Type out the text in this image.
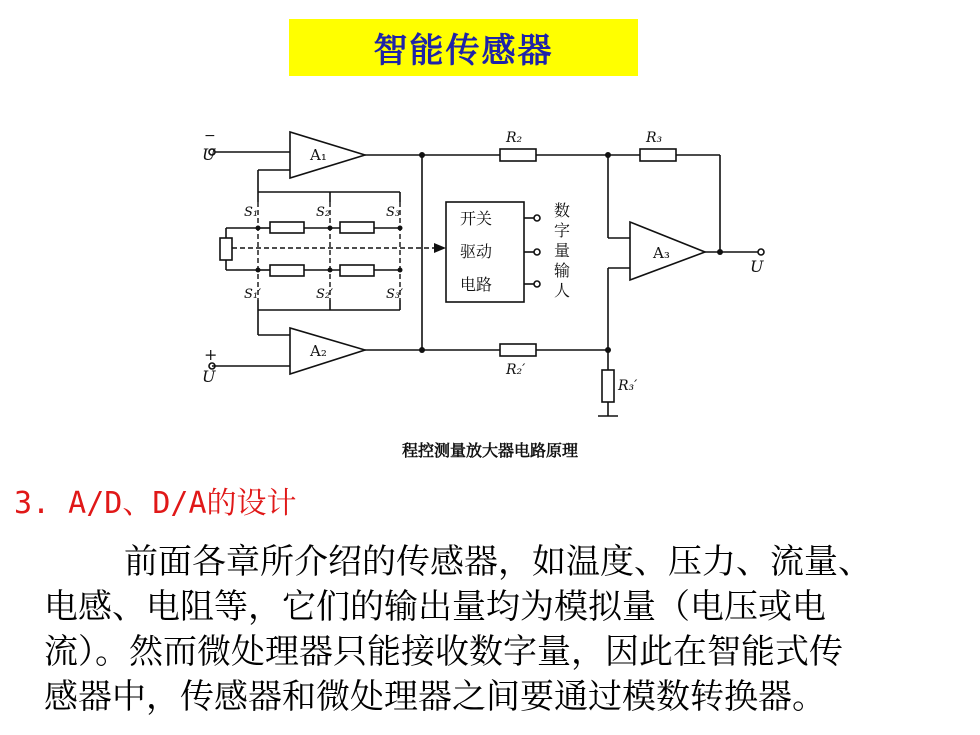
智能传感器
−
U
+
U
U
A₁
A₂
A₃
R₂	R₃
R₂′
R₃′
S₁	S₂	S₃
S₁′	S₂′	S₃′
开关
驱动
电路
数
字
量
输
人
程控测量放大器电路原理
3. A/D、D/A的设计
前面各章所介绍的传感器，如温度、压力、流量、
电感、电阻等，它们的输出量均为模拟量（电压或电
流）。然而微处理器只能接收数字量，因此在智能式传
感器中，传感器和微处理器之间要通过模数转换器。
